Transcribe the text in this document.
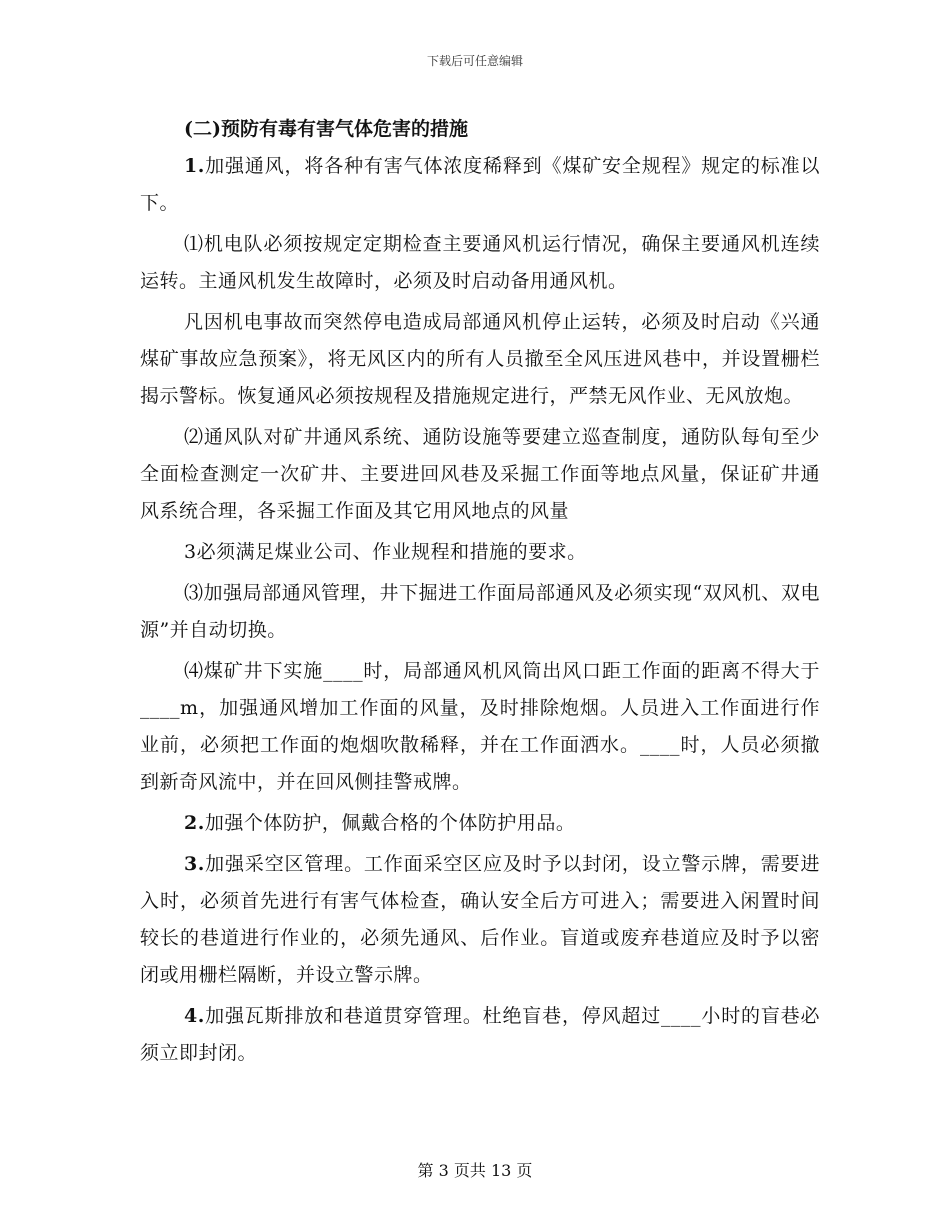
下载后可任意编辑

(二)预防有毒有害气体危害的措施

1.加强通风，将各种有害气体浓度稀释到《煤矿安全规程》规定的标准以下。

⑴机电队必须按规定定期检查主要通风机运行情况，确保主要通风机连续运转。主通风机发生故障时，必须及时启动备用通风机。

凡因机电事故而突然停电造成局部通风机停止运转，必须及时启动《兴通煤矿事故应急预案》，将无风区内的所有人员撤至全风压进风巷中，并设置栅栏揭示警标。恢复通风必须按规程及措施规定进行，严禁无风作业、无风放炮。

⑵通风队对矿井通风系统、通防设施等要建立巡查制度，通防队每旬至少全面检查测定一次矿井、主要进回风巷及采掘工作面等地点风量，保证矿井通风系统合理，各采掘工作面及其它用风地点的风量

3必须满足煤业公司、作业规程和措施的要求。

⑶加强局部通风管理，井下掘进工作面局部通风及必须实现“双风机、双电源”并自动切换。

⑷煤矿井下实施____时，局部通风机风筒出风口距工作面的距离不得大于____m，加强通风增加工作面的风量，及时排除炮烟。人员进入工作面进行作业前，必须把工作面的炮烟吹散稀释，并在工作面洒水。____时，人员必须撤到新奇风流中，并在回风侧挂警戒牌。

2.加强个体防护，佩戴合格的个体防护用品。

3.加强采空区管理。工作面采空区应及时予以封闭，设立警示牌，需要进入时，必须首先进行有害气体检查，确认安全后方可进入；需要进入闲置时间较长的巷道进行作业的，必须先通风、后作业。盲道或废弃巷道应及时予以密闭或用栅栏隔断，并设立警示牌。

4.加强瓦斯排放和巷道贯穿管理。杜绝盲巷，停风超过____小时的盲巷必须立即封闭。

第 3 页共 13 页
